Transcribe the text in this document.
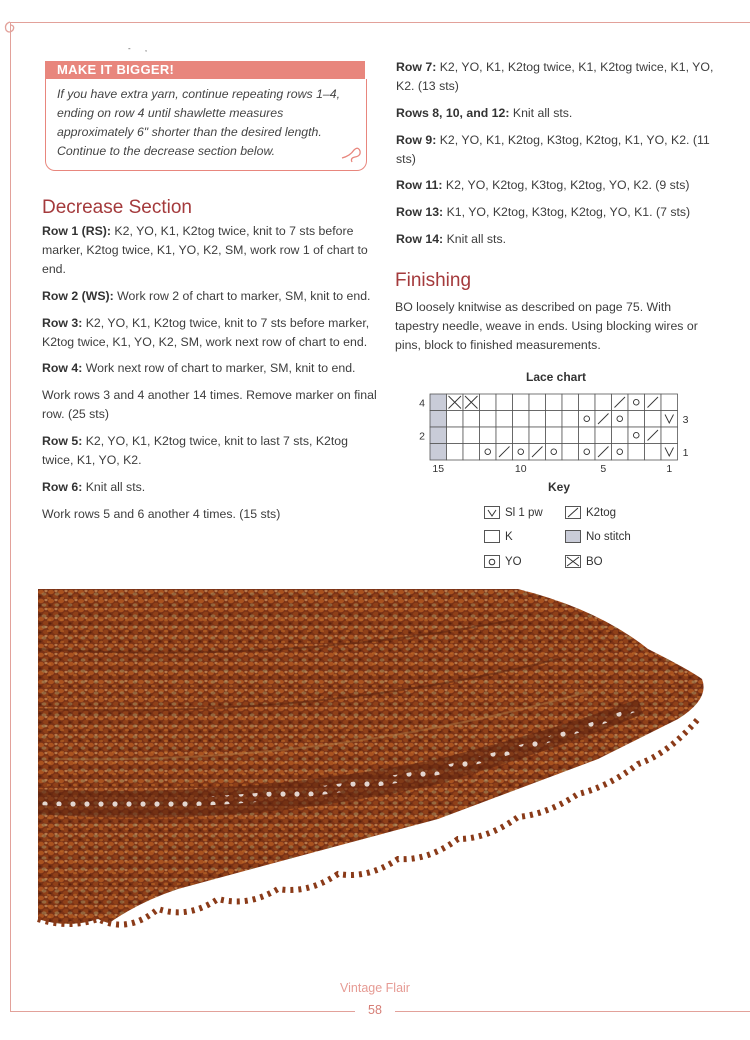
- ,
MAKE IT BIGGER!
If you have extra yarn, continue repeating rows 1–4, ending on row 4 until shawlette measures approximately 6" shorter than the desired length. Continue to the decrease section below.
Decrease Section

Row 1 (RS): K2, YO, K1, K2tog twice, knit to 7 sts before marker, K2tog twice, K1, YO, K2, SM, work row 1 of chart to end.

Row 2 (WS): Work row 2 of chart to marker, SM, knit to end.

Row 3: K2, YO, K1, K2tog twice, knit to 7 sts before marker, K2tog twice, K1, YO, K2, SM, work next row of chart to end.

Row 4: Work next row of chart to marker, SM, knit to end.

Work rows 3 and 4 another 14 times. Remove marker on final row. (25 sts)

Row 5: K2, YO, K1, K2tog twice, knit to last 7 sts, K2tog twice, K1, YO, K2.

Row 6: Knit all sts.

Work rows 5 and 6 another 4 times. (15 sts)

Row 7: K2, YO, K1, K2tog twice, K1, K2tog twice, K1, YO, K2. (13 sts)

Rows 8, 10, and 12: Knit all sts.

Row 9: K2, YO, K1, K2tog, K3tog, K2tog, K1, YO, K2. (11 sts)

Row 11: K2, YO, K2tog, K3tog, K2tog, YO, K2. (9 sts)

Row 13: K1, YO, K2tog, K3tog, K2tog, YO, K1. (7 sts)

Row 14: Knit all sts.

Finishing
BO loosely knitwise as described on page 75. With tapestry needle, weave in ends. Using blocking wires or pins, block to finished measurements.
Lace chart
4
2
3
1
15	10	5	1
Key
Sl 1 pw	K2tog
K	No stitch
YO	BO
Vintage Flair
58
